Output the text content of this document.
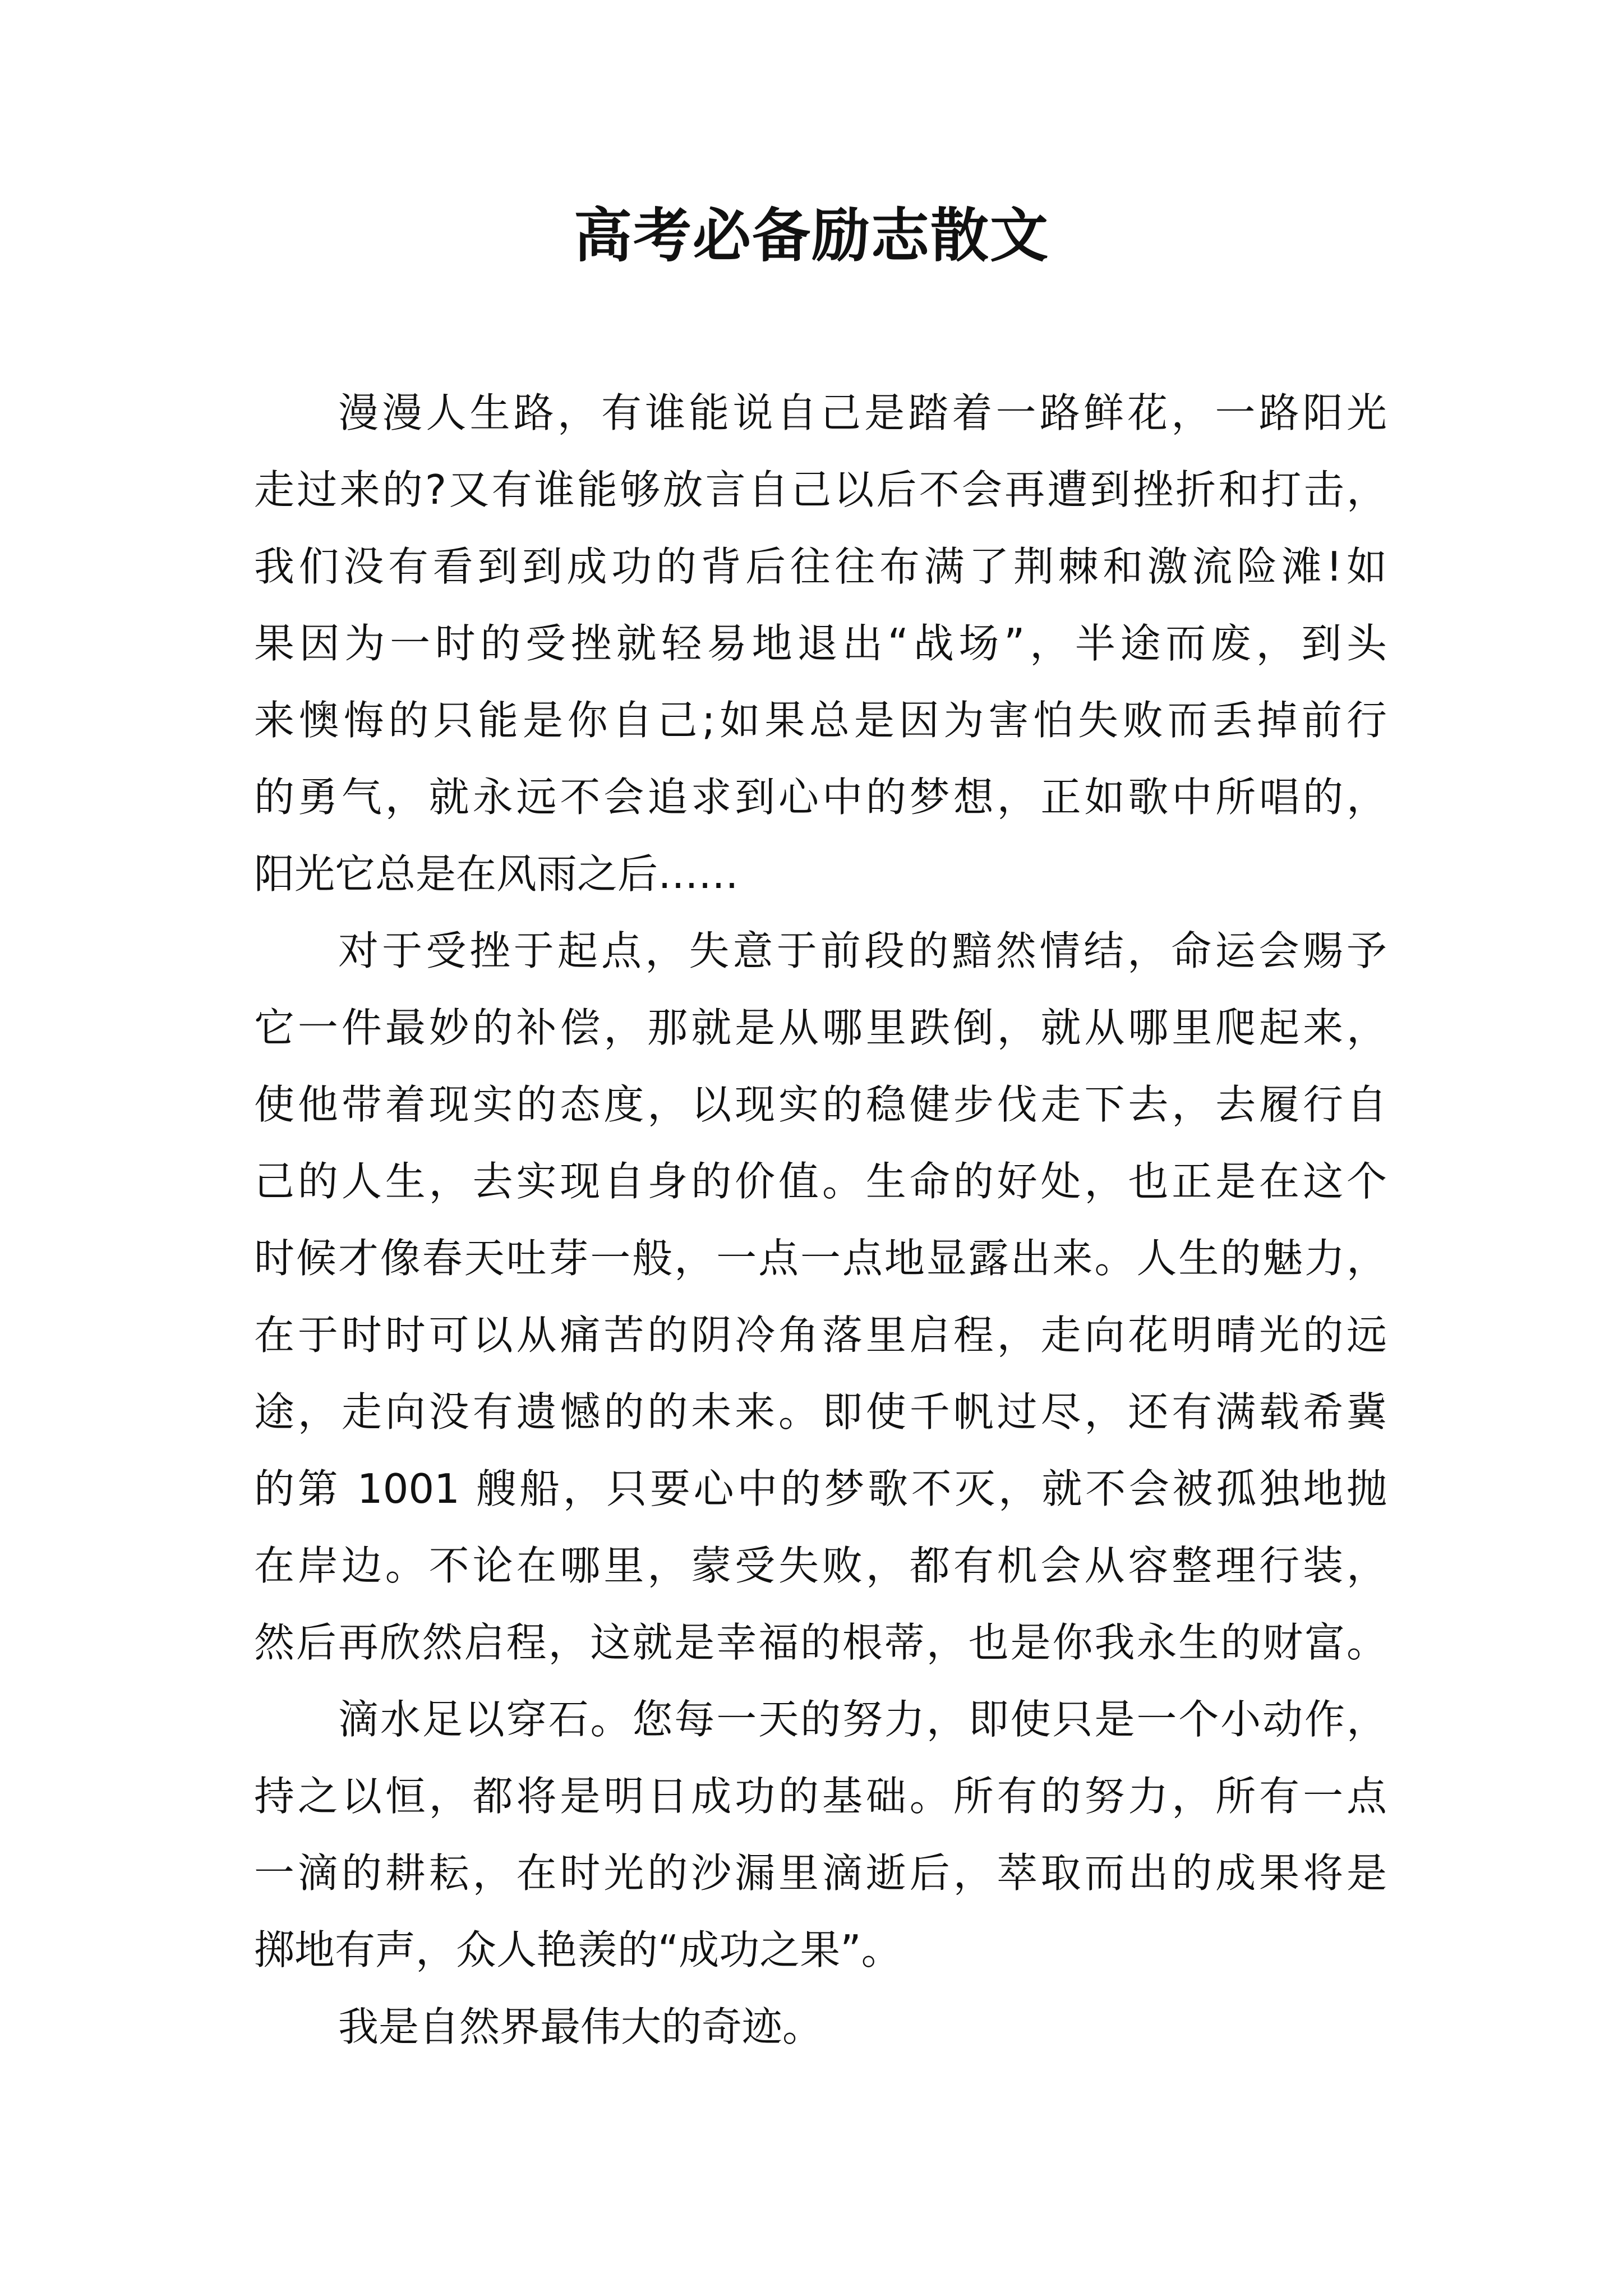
高考必备励志散文
漫漫人生路，有谁能说自己是踏着一路鲜花，一路阳光
走过来的?又有谁能够放言自己以后不会再遭到挫折和打击，
我们没有看到到成功的背后往往布满了荆棘和激流险滩!如
果因为一时的受挫就轻易地退出“战场”，半途而废，到头
来懊悔的只能是你自己;如果总是因为害怕失败而丢掉前行
的勇气，就永远不会追求到心中的梦想，正如歌中所唱的，
阳光它总是在风雨之后……
对于受挫于起点，失意于前段的黯然情结，命运会赐予
它一件最妙的补偿，那就是从哪里跌倒，就从哪里爬起来，
使他带着现实的态度，以现实的稳健步伐走下去，去履行自
己的人生，去实现自身的价值。生命的好处，也正是在这个
时候才像春天吐芽一般，一点一点地显露出来。人生的魅力，
在于时时可以从痛苦的阴冷角落里启程，走向花明晴光的远
途，走向没有遗憾的的未来。即使千帆过尽，还有满载希冀
的第 1001 艘船，只要心中的梦歌不灭，就不会被孤独地抛
在岸边。不论在哪里，蒙受失败，都有机会从容整理行装，
然后再欣然启程，这就是幸福的根蒂，也是你我永生的财富。
滴水足以穿石。您每一天的努力，即使只是一个小动作，
持之以恒，都将是明日成功的基础。所有的努力，所有一点
一滴的耕耘，在时光的沙漏里滴逝后，萃取而出的成果将是
掷地有声，众人艳羡的“成功之果”。
我是自然界最伟大的奇迹。
